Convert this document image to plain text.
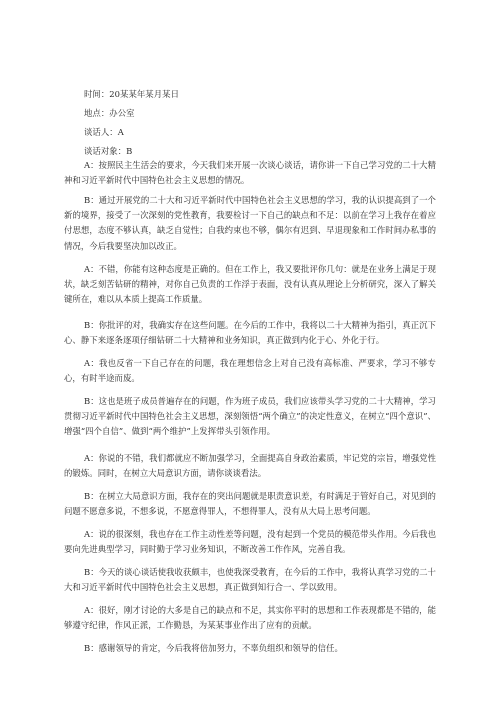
时间：20某某年某月某日
地点：办公室
谈话人：A
谈话对象：B
A：按照民主生活会的要求，今天我们来开展一次谈心谈话，请你讲一下自己学习党的二十大精神和习近平新时代中国特色社会主义思想的情况。
B：通过开展党的二十大和习近平新时代中国特色社会主义思想的学习，我的认识提高到了一个新的境界，接受了一次深刻的党性教育，我要检讨一下自己的缺点和不足：以前在学习上我存在着应付思想，态度不够认真，缺乏自觉性；自我约束也不够，偶尔有迟到、早退现象和工作时间办私事的情况，今后我要坚决加以改正。
A：不错，你能有这种态度是正确的。但在工作上，我又要批评你几句：就是在业务上满足于现状，缺乏刻苦钻研的精神，对你自己负责的工作浮于表面，没有认真从理论上分析研究，深入了解关键所在，难以从本质上提高工作质量。
B：你批评的对，我确实存在这些问题。在今后的工作中，我将以二十大精神为指引，真正沉下心、静下来逐条逐项仔细钻研二十大精神和业务知识，真正做到内化于心、外化于行。
A：我也反省一下自己存在的问题，我在理想信念上对自己没有高标准、严要求，学习不够专心，有时半途而废。
B：这也是班子成员普遍存在的问题，作为班子成员，我们应该带头学习党的二十大精神，学习贯彻习近平新时代中国特色社会主义思想，深刻领悟“两个确立”的决定性意义，在树立“四个意识”、增强“四个自信”、做到“两个维护”上发挥带头引领作用。
A：你说的不错，我们都就应不断加强学习，全面提高自身政治素质，牢记党的宗旨，增强党性的锻炼。同时，在树立大局意识方面，请你谈谈看法。
B：在树立大局意识方面，我存在的突出问题就是职责意识差，有时满足于管好自己，对见到的问题不愿意多说，不想多说，不愿意得罪人，不想得罪人，没有从大局上思考问题。
A：说的很深刻，我也存在工作主动性差等问题，没有起到一个党员的模范带头作用。今后我也要向先进典型学习，同时勤于学习业务知识，不断改善工作作风，完善自我。
B：今天的谈心谈话使我收获颇丰，也使我深受教育，在今后的工作中，我将认真学习党的二十大和习近平新时代中国特色社会主义思想，真正做到知行合一、学以致用。
A：很好，刚才讨论的大多是自己的缺点和不足，其实你平时的思想和工作表现都是不错的，能够遵守纪律，作风正派，工作勤恳，为某某事业作出了应有的贡献。
B：感谢领导的肯定，今后我将倍加努力，不辜负组织和领导的信任。
